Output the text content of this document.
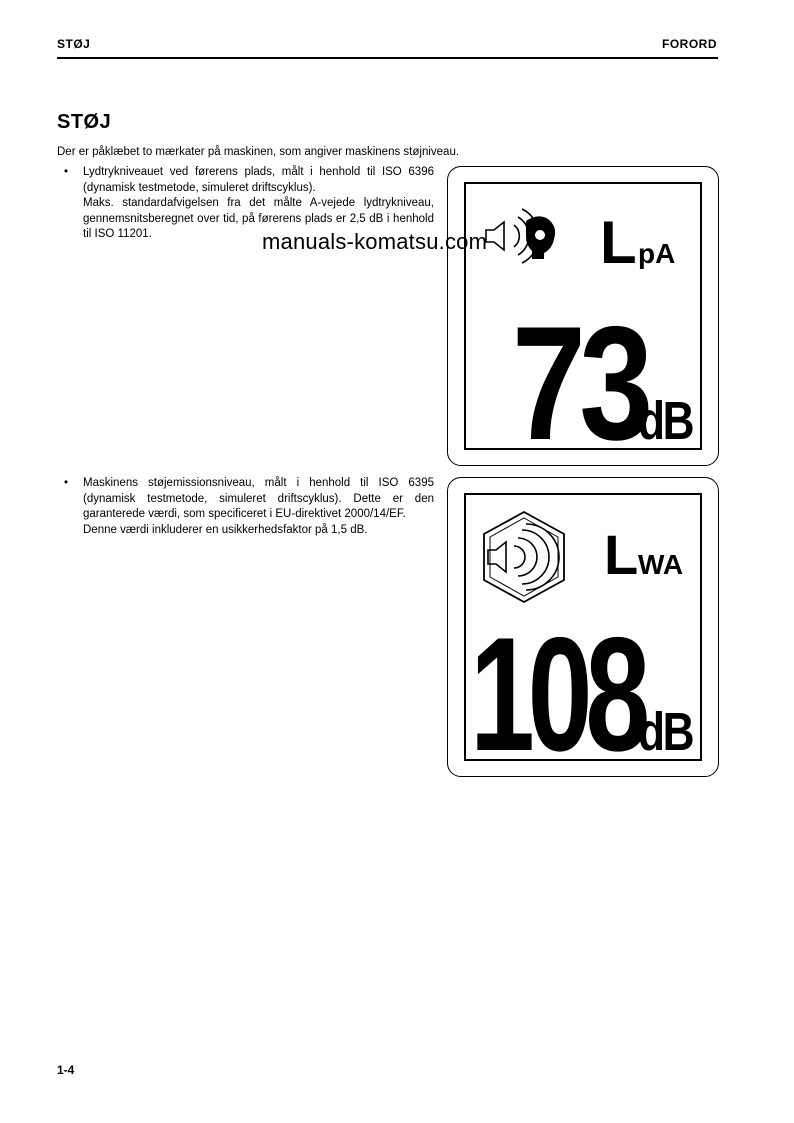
STØJ	FORORD
STØJ
Der er påklæbet to mærkater på maskinen, som angiver maskinens støjniveau.
• Lydtrykniveauet ved førerens plads, målt i henhold til ISO 6396 (dynamisk testmetode, simuleret driftscyklus).
Maks. standardafvigelsen fra det målte A-vejede lydtrykniveau, gennemsnitsberegnet over tid, på førerens plads er 2,5 dB i henhold til ISO 11201.
• Maskinens støjemissionsniveau, målt i henhold til ISO 6395 (dynamisk testmetode, simuleret driftscyklus). Dette er den garanterede værdi, som specificeret i EU-direktivet 2000/14/EF.
Denne værdi inkluderer en usikkerhedsfaktor på 1,5 dB.
L pA
73
dB
L WA
108
dB
manuals-komatsu.com
1-4
